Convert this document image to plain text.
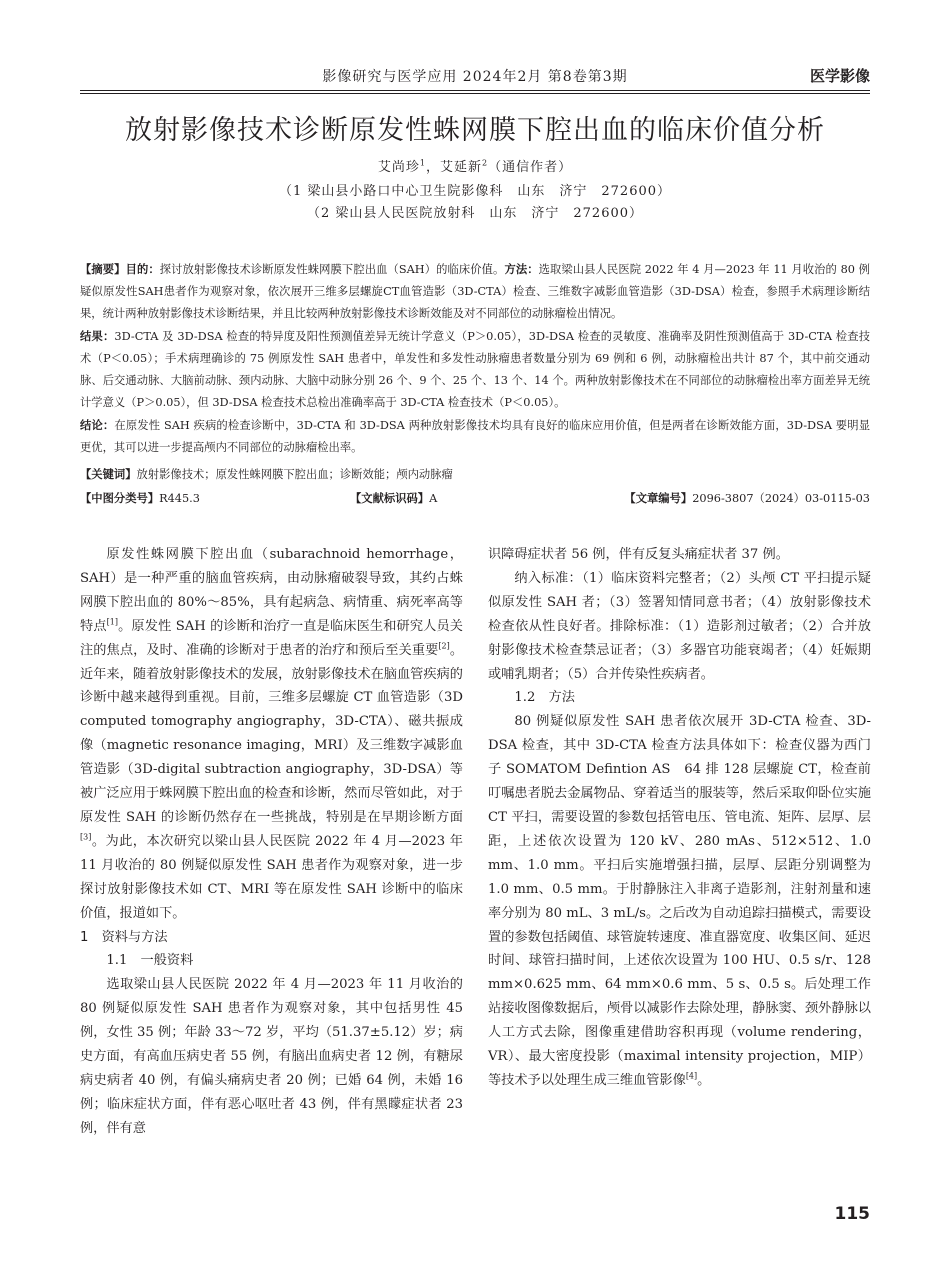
影像研究与医学应用 2024年2月 第8卷第3期	医学影像
放射影像技术诊断原发性蛛网膜下腔出血的临床价值分析
艾尚珍$^1$，艾延新$^2$（通信作者）
（1 梁山县小路口中心卫生院影像科　山东　济宁　272600）
（2 梁山县人民医院放射科　山东　济宁　272600）

【摘要】目的：探讨放射影像技术诊断原发性蛛网膜下腔出血（SAH）的临床价值。方法：选取梁山县人民医院 2022 年 4 月—2023 年 11 月收治的 80 例疑似原发性SAH患者作为观察对象，依次展开三维多层螺旋CT血管造影（3D-CTA）检查、三维数字减影血管造影（3D-DSA）检查，参照手术病理诊断结果，统计两种放射影像技术诊断结果，并且比较两种放射影像技术诊断效能及对不同部位的动脉瘤检出情况。

结果：3D-CTA 及 3D-DSA 检查的特异度及阳性预测值差异无统计学意义（P＞0.05），3D-DSA 检查的灵敏度、准确率及阴性预测值高于 3D-CTA 检查技术（P＜0.05）；手术病理确诊的 75 例原发性 SAH 患者中，单发性和多发性动脉瘤患者数量分别为 69 例和 6 例，动脉瘤检出共计 87 个，其中前交通动脉、后交通动脉、大脑前动脉、颈内动脉、大脑中动脉分别 26 个、9 个、25 个、13 个、14 个。两种放射影像技术在不同部位的动脉瘤检出率方面差异无统计学意义（P＞0.05），但 3D-DSA 检查技术总检出准确率高于 3D-CTA 检查技术（P＜0.05）。

结论：在原发性 SAH 疾病的检查诊断中，3D-CTA 和 3D-DSA 两种放射影像技术均具有良好的临床应用价值，但是两者在诊断效能方面，3D-DSA 要明显更优，其可以进一步提高颅内不同部位的动脉瘤检出率。

【关键词】放射影像技术；原发性蛛网膜下腔出血；诊断效能；颅内动脉瘤
【中图分类号】R445.3	【文献标识码】A	【文章编号】2096-3807（2024）03-0115-03

原发性蛛网膜下腔出血（subarachnoid hemorrhage，SAH）是一种严重的脑血管疾病，由动脉瘤破裂导致，其约占蛛网膜下腔出血的 80%～85%，具有起病急、病情重、病死率高等特点[1]。原发性 SAH 的诊断和治疗一直是临床医生和研究人员关注的焦点，及时、准确的诊断对于患者的治疗和预后至关重要[2]。近年来，随着放射影像技术的发展，放射影像技术在脑血管疾病的诊断中越来越得到重视。目前，三维多层螺旋 CT 血管造影（3D computed tomography angiography，3D-CTA）、磁共振成像（magnetic resonance imaging，MRI）及三维数字减影血管造影（3D-digital subtraction angiography，3D-DSA）等被广泛应用于蛛网膜下腔出血的检查和诊断，然而尽管如此，对于原发性 SAH 的诊断仍然存在一些挑战，特别是在早期诊断方面[3]。为此，本次研究以梁山县人民医院 2022 年 4 月—2023 年 11 月收治的 80 例疑似原发性 SAH 患者作为观察对象，进一步探讨放射影像技术如 CT、MRI 等在原发性 SAH 诊断中的临床价值，报道如下。

1　资料与方法

1.1　一般资料

选取梁山县人民医院 2022 年 4 月—2023 年 11 月收治的 80 例疑似原发性 SAH 患者作为观察对象，其中包括男性 45 例，女性 35 例；年龄 33～72 岁，平均（51.37±5.12）岁；病史方面，有高血压病史者 55 例，有脑出血病史者 12 例，有糖尿病史病者 40 例，有偏头痛病史者 20 例；已婚 64 例，未婚 16 例；临床症状方面，伴有恶心呕吐者 43 例，伴有黑矇症状者 23 例，伴有意

识障碍症状者 56 例，伴有反复头痛症状者 37 例。

纳入标准：（1）临床资料完整者；（2）头颅 CT 平扫提示疑似原发性 SAH 者；（3）签署知情同意书者；（4）放射影像技术检查依从性良好者。排除标准：（1）造影剂过敏者；（2）合并放射影像技术检查禁忌证者；（3）多器官功能衰竭者；（4）妊娠期或哺乳期者；（5）合并传染性疾病者。

1.2　方法

80 例疑似原发性 SAH 患者依次展开 3D-CTA 检查、3D-DSA 检查，其中 3D-CTA 检查方法具体如下：检查仪器为西门子 SOMATOM Defintion AS　64 排 128 层螺旋 CT，检查前叮嘱患者脱去金属物品、穿着适当的服装等，然后采取仰卧位实施 CT 平扫，需要设置的参数包括管电压、管电流、矩阵、层厚、层距，上述依次设置为 120 kV、280 mAs、512×512、1.0 mm、1.0 mm。平扫后实施增强扫描，层厚、层距分别调整为 1.0 mm、0.5 mm。于肘静脉注入非离子造影剂，注射剂量和速率分别为 80 mL、3 mL/s。之后改为自动追踪扫描模式，需要设置的参数包括阈值、球管旋转速度、准直器宽度、收集区间、延迟时间、球管扫描时间，上述依次设置为 100 HU、0.5 s/r、128 mm×0.625 mm、64 mm×0.6 mm、5 s、0.5 s。后处理工作站接收图像数据后，颅骨以减影作去除处理，静脉窦、颈外静脉以人工方式去除，图像重建借助容积再现（volume rendering，VR）、最大密度投影（maximal intensity projection，MIP）等技术予以处理生成三维血管影像[4]。

115
